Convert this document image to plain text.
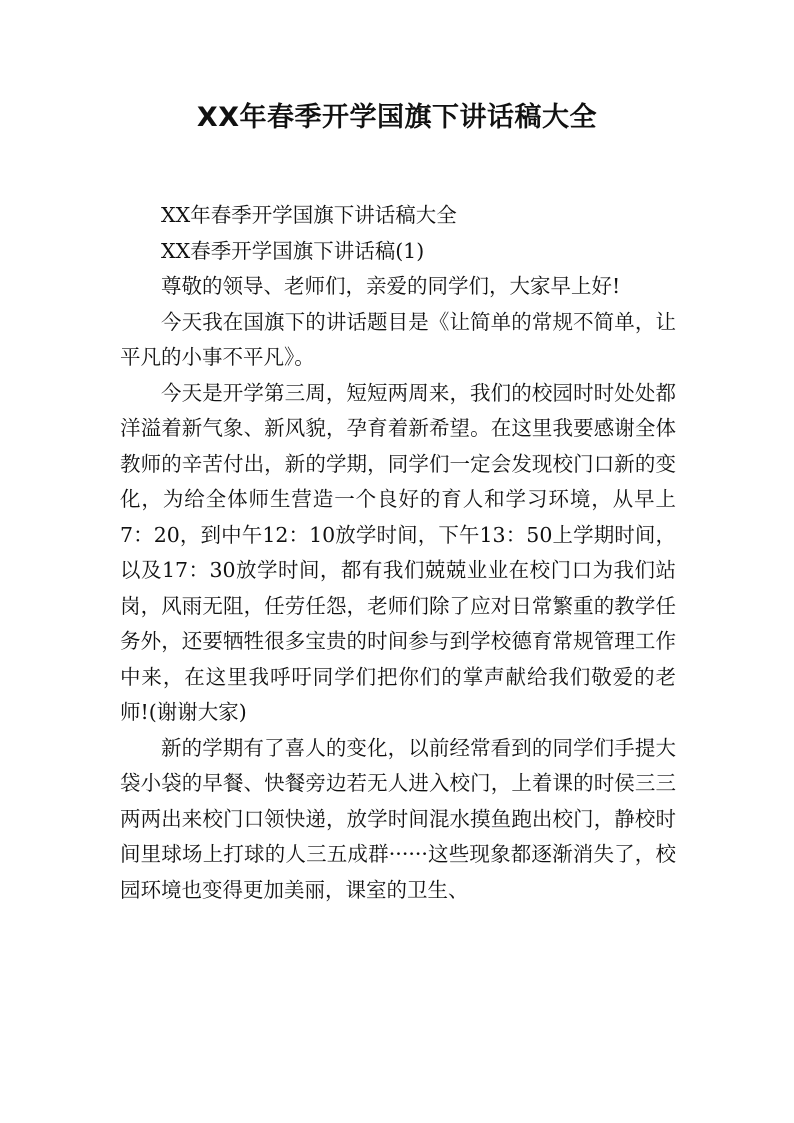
XX年春季开学国旗下讲话稿大全

XX年春季开学国旗下讲话稿大全

XX春季开学国旗下讲话稿(1)

尊敬的领导、老师们，亲爱的同学们，大家早上好!

今天我在国旗下的讲话题目是《让简单的常规不简单，让平凡的小事不平凡》。

今天是开学第三周，短短两周来，我们的校园时时处处都洋溢着新气象、新风貌，孕育着新希望。在这里我要感谢全体教师的辛苦付出，新的学期，同学们一定会发现校门口新的变化，为给全体师生营造一个良好的育人和学习环境，从早上7：20，到中午12：10放学时间，下午13：50上学期时间，以及17：30放学时间，都有我们兢兢业业在校门口为我们站岗，风雨无阻，任劳任怨，老师们除了应对日常繁重的教学任务外，还要牺牲很多宝贵的时间参与到学校德育常规管理工作中来，在这里我呼吁同学们把你们的掌声献给我们敬爱的老师!(谢谢大家)

新的学期有了喜人的变化，以前经常看到的同学们手提大袋小袋的早餐、快餐旁边若无人进入校门，上着课的时侯三三两两出来校门口领快递，放学时间混水摸鱼跑出校门，静校时间里球场上打球的人三五成群······这些现象都逐渐消失了，校园环境也变得更加美丽，课室的卫生、
